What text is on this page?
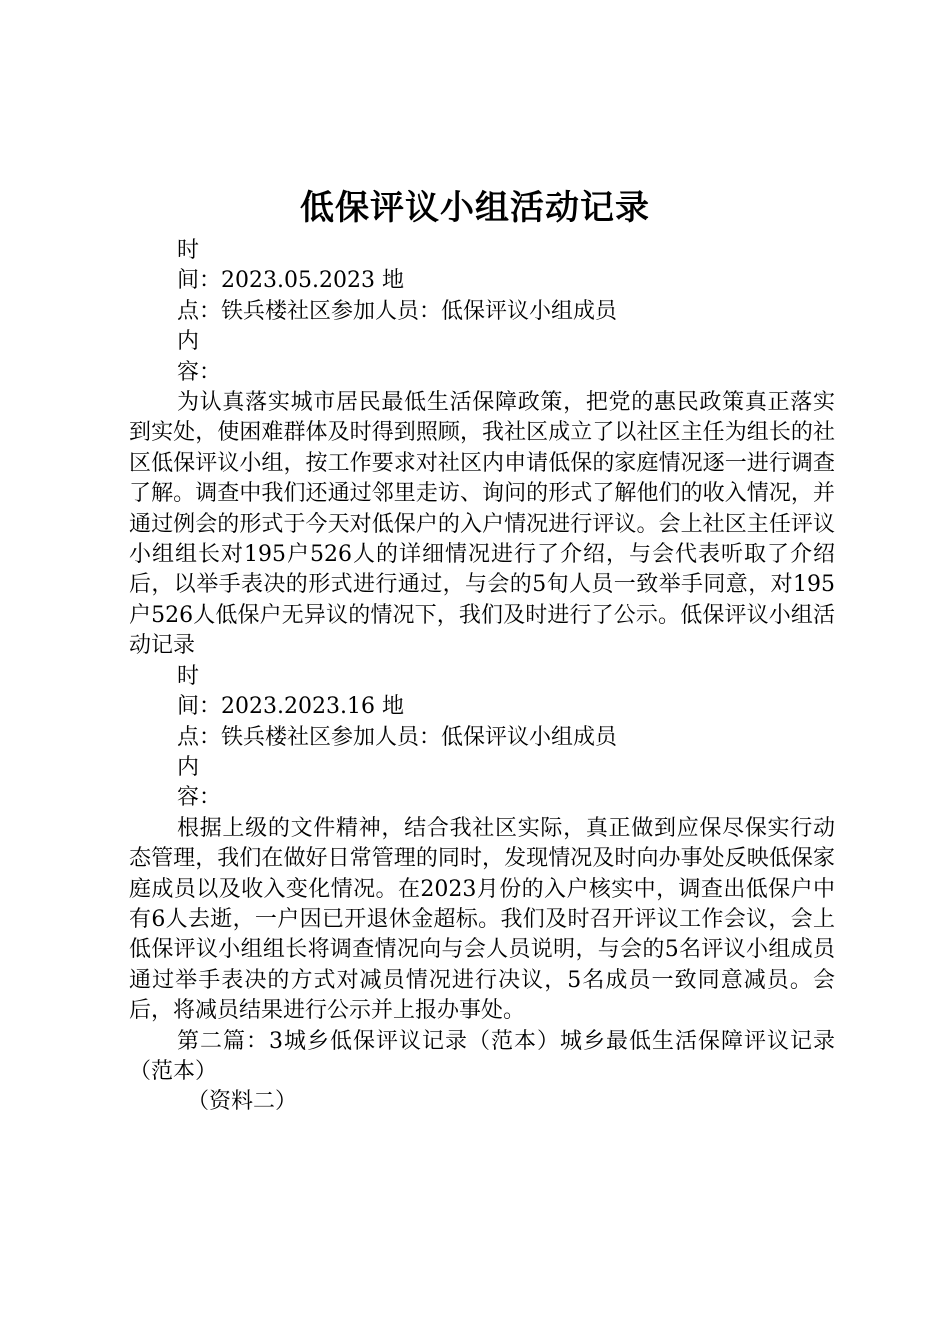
低保评议小组活动记录
时
间：2023.05.2023 地
点：铁兵楼社区参加人员：低保评议小组成员
内
容：

为认真落实城市居民最低生活保障政策，把党的惠民政策真正落实到实处，使困难群体及时得到照顾，我社区成立了以社区主任为组长的社区低保评议小组，按工作要求对社区内申请低保的家庭情况逐一进行调查了解。调查中我们还通过邻里走访、询问的形式了解他们的收入情况，并通过例会的形式于今天对低保户的入户情况进行评议。会上社区主任评议小组组长对195户526人的详细情况进行了介绍，与会代表听取了介绍后，以举手表决的形式进行通过，与会的5旬人员一致举手同意，对195户526人低保户无异议的情况下，我们及时进行了公示。低保评议小组活动记录

时
间：2023.2023.16 地
点：铁兵楼社区参加人员：低保评议小组成员
内
容：

根据上级的文件精神，结合我社区实际，真正做到应保尽保实行动态管理，我们在做好日常管理的同时，发现情况及时向办事处反映低保家庭成员以及收入变化情况。在2023月份的入户核实中，调查出低保户中有6人去逝，一户因已开退休金超标。我们及时召开评议工作会议，会上低保评议小组组长将调查情况向与会人员说明，与会的5名评议小组成员通过举手表决的方式对减员情况进行决议，5名成员一致同意减员。会后，将减员结果进行公示并上报办事处。

第二篇：3城乡低保评议记录（范本）城乡最低生活保障评议记录（范本）

（资料二）
